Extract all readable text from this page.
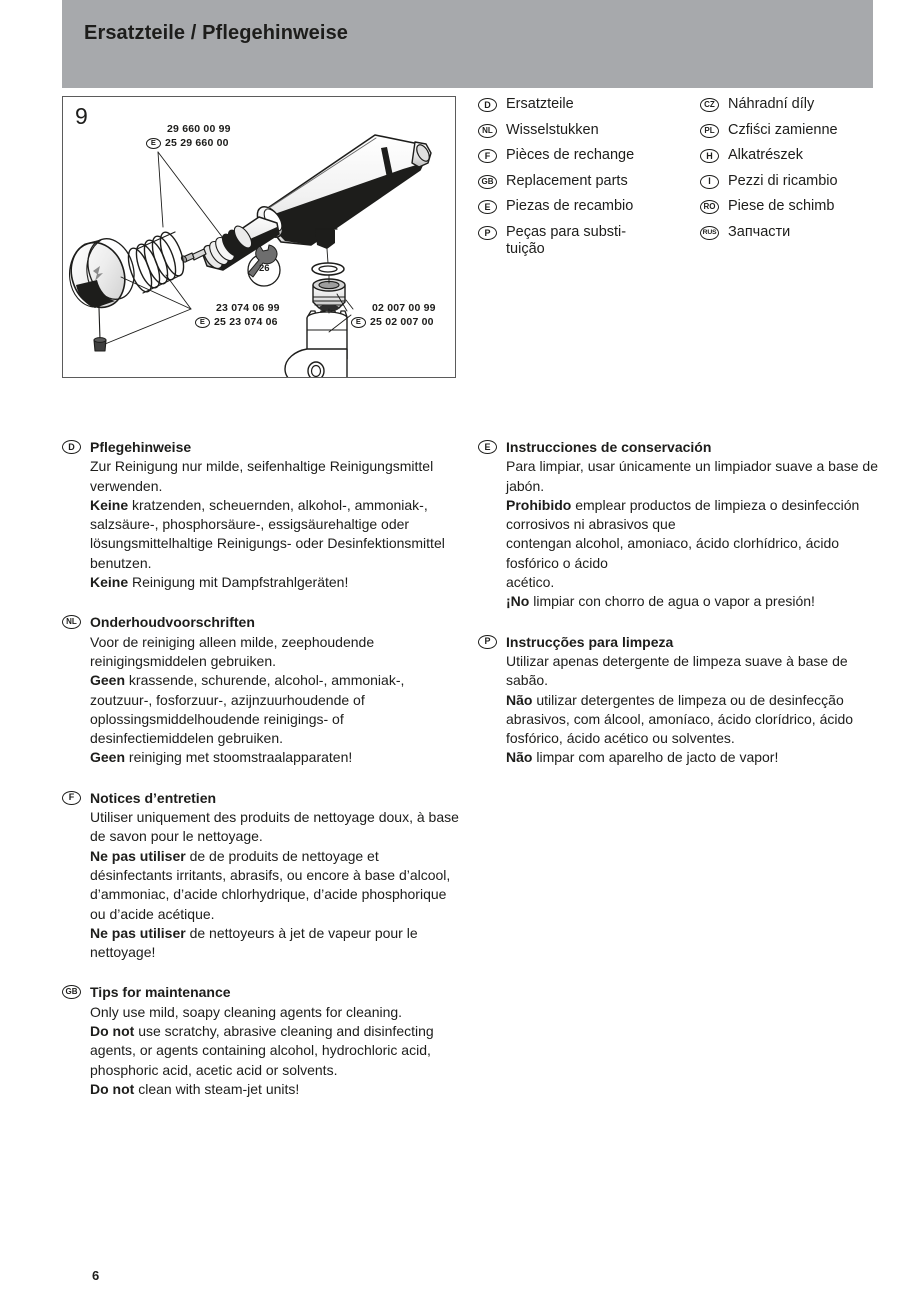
Ersatzteile / Pflegehinweise
9
26
29 660 00 99
E 25 29 660 00
23 074 06 99
E 25 23 074 06
02 007 00 99
E 25 02 007 00
D	Ersatzteile
NL Wisselstukken
F	Pièces de rechange
GB Replacement parts
E	Piezas de recambio
P	Peças para substi-
tuição
CZ Náhradní díly
PL Czfiści zamienne
H	Alkatrészek
I	Pezzi di ricambio
RO Piese de schimb
RUS Запчасти
D	Pflegehinweise

Zur Reinigung nur milde, seifenhaltige Reinigungsmittel verwenden.

Keine kratzenden, scheuernden, alkohol-, ammoniak-, salzsäure-, phosphorsäure-, essigsäurehaltige oder lösungsmittelhaltige Reinigungs- oder Desinfektionsmittel benutzen.

Keine Reinigung mit Dampfstrahlgeräten!

NL Onderhoudvoorschriften

Voor de reiniging alleen milde, zeephoudende reinigingsmiddelen gebruiken.

Geen krassende, schurende, alcohol-, ammoniak-, zoutzuur-, fosforzuur-, azijnzuurhoudende of oplossingsmiddelhoudende reinigings- of desinfectiemiddelen gebruiken.

Geen reiniging met stoomstraalapparaten!

F	Notices d’entretien

Utiliser uniquement des produits de nettoyage doux, à base de savon pour le nettoyage.

Ne pas utiliser de de produits de nettoyage et désinfectants irritants, abrasifs, ou encore à base d’alcool, d’ammoniac, d’acide chlorhydrique, d’acide phosphorique ou d’acide acétique.

Ne pas utiliser de nettoyeurs à jet de vapeur pour le nettoyage!

GB Tips for maintenance

Only use mild, soapy cleaning agents for cleaning.

Do not use scratchy, abrasive cleaning and disinfecting agents, or agents containing alcohol, hydrochloric acid,

phosphoric acid, acetic acid or solvents.

Do not clean with steam-jet units!

E	Instrucciones de conservación

Para limpiar, usar únicamente un limpiador suave a base de jabón.

Prohibido emplear productos de limpieza o desinfección corrosivos ni abrasivos que

contengan alcohol, amoniaco, ácido clorhídrico, ácido fosfórico o ácido

acético.

¡No limpiar con chorro de agua o vapor a presión!

P	Instrucções para limpeza

Utilizar apenas detergente de limpeza suave à base de sabão.

Não utilizar detergentes de limpeza ou de desinfecção abrasivos, com álcool, amoníaco, ácido clorídrico, ácido fosfórico, ácido acético ou solventes.

Não limpar com aparelho de jacto de vapor!

6
